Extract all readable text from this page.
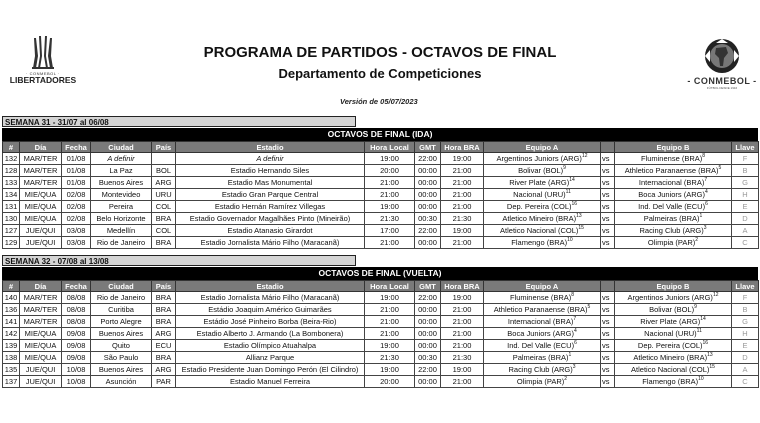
· CONMEBOL ·
LIBERTADORES
PROGRAMA DE PARTIDOS - OCTAVOS DE FINAL
Departamento de Competiciones
Versión de 05/07/2023
- CONMEBOL -
FÚTBOL DESDE 1916
SEMANA 31 - 31/07 al 06/08
OCTAVOS DE FINAL (IDA)
#	Día	Fecha	Ciudad	País	Estadio	Hora Local	GMT	Hora BRA	Equipo A		Equipo B	Llave
132	MAR/TER	01/08	A definir		A definir	19:00	22:00	19:00	Argentinos Juniors (ARG)$^{12}$	vs	Fluminense (BRA)$^8$	F
128	MAR/TER	01/08	La Paz	BOL	Estadio Hernando Siles	20:00	00:00	21:00	Bolivar (BOL)$^9$	vs	Athletico Paranaense (BRA)$^5$	B
133	MAR/TER	01/08	Buenos Aires	ARG	Estadio Mas Monumental	21:00	00:00	21:00	River Plate (ARG)$^{14}$	vs	Internacional (BRA)$^7$	G
134	MIE/QUA	02/08	Montevideo	URU	Estadio Gran Parque Central	21:00	00:00	21:00	Nacional (URU)$^{11}$	vs	Boca Juniors (ARG)$^4$	H
131	MIE/QUA	02/08	Pereira	COL	Estadio Hernán Ramírez Villegas	19:00	00:00	21:00	Dep. Pereira (COL)$^{16}$	vs	Ind. Del Valle (ECU)$^6$	E
130	MIE/QUA	02/08	Belo Horizonte	BRA	Estadio Governador Magalhães Pinto (Mineirão)	21:30	00:30	21:30	Atletico Mineiro (BRA)$^{13}$	vs	Palmeiras (BRA)$^1$	D
127	JUE/QUI	03/08	Medellín	COL	Estadio Atanasio Girardot	17:00	22:00	19:00	Atletico Nacional (COL)$^{15}$	vs	Racing Club (ARG)$^3$	A
129	JUE/QUI	03/08	Rio de Janeiro	BRA	Estadio Jornalista Mário Filho (Maracanã)	21:00	00:00	21:00	Flamengo (BRA)$^{10}$	vs	Olimpia (PAR)$^2$	C
SEMANA 32 - 07/08 al 13/08
OCTAVOS DE FINAL (VUELTA)
#	Día	Fecha	Ciudad	País	Estadio	Hora Local	GMT	Hora BRA	Equipo A		Equipo B	Llave
140	MAR/TER	08/08	Rio de Janeiro	BRA	Estadio Jornalista Mário Filho (Maracanã)	19:00	22:00	19:00	Fluminense (BRA)$^8$	vs	Argentinos Juniors (ARG)$^{12}$	F
136	MAR/TER	08/08	Curitiba	BRA	Estádio Joaquim Américo Guimarães	21:00	00:00	21:00	Athletico Paranaense (BRA)$^5$	vs	Bolivar (BOL)$^9$	B
141	MAR/TER	08/08	Porto Alegre	BRA	Estádio José Pinheiro Borba (Beira-Rio)	21:00	00:00	21:00	Internacional (BRA)$^7$	vs	River Plate (ARG)$^{14}$	G
142	MIE/QUA	09/08	Buenos Aires	ARG	Estadio Alberto J. Armando (La Bombonera)	21:00	00:00	21:00	Boca Juniors (ARG)$^4$	vs	Nacional (URU)$^{11}$	H
139	MIE/QUA	09/08	Quito	ECU	Estadio Olímpico Atuahalpa	19:00	00:00	21:00	Ind. Del Valle (ECU)$^6$	vs	Dep. Pereira (COL)$^{16}$	E
138	MIE/QUA	09/08	São Paulo	BRA	Allianz Parque	21:30	00:30	21:30	Palmeiras (BRA)$^1$	vs	Atletico Mineiro (BRA)$^{13}$	D
135	JUE/QUI	10/08	Buenos Aires	ARG	Estadio Presidente Juan Domingo Perón (El Cilindro)	19:00	22:00	19:00	Racing Club (ARG)$^3$	vs	Atletico Nacional (COL)$^{15}$	A
137	JUE/QUI	10/08	Asunción	PAR	Estadio Manuel Ferreira	20:00	00:00	21:00	Olimpia (PAR)$^2$	vs	Flamengo (BRA)$^{10}$	C
